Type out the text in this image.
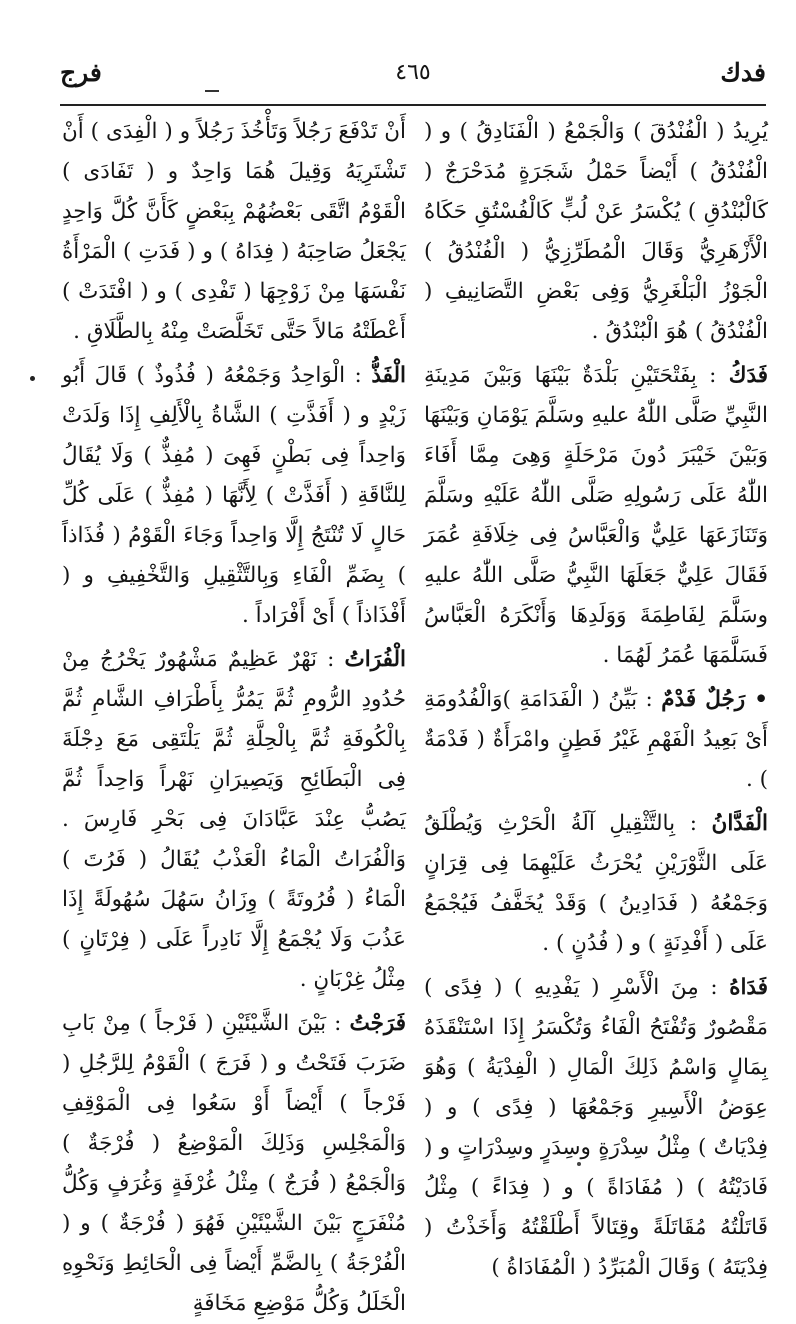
فدك
٤٦٥
فرج

يُرِيدُ ( الْفُنْدُقَ ) وَالْجَمْعُ ( الْفَنَادِقُ ) و ( الْفُنْدُقُ ) أَيْضاً حَمْلُ شَجَرَةٍ مُدَحْرَجٌ ( كَالْبُنْدُقِ ) يُكْسَرُ عَنْ لُبٍّ كَالْفُسْتُقِ حَكَاهُ الْأَزْهَرِيُّ وَقَالَ الْمُطَرِّزِيُّ ( الْفُنْدُقُ ) الْجَوْزُ الْبَلْغَرِيُّ وَفِى بَعْضِ التَّصَانِيفِ ( الْفُنْدُقُ ) هُوَ الْبُنْدُقُ .

فَدَكُ : بِفَتْحَتَيْنِ بَلْدَةٌ بَيْنَهَا وَبَيْنَ مَدِينَةِ النَّبِيِّ صَلَّى اللّٰهُ عليهِ وسَلَّمَ يَوْمَانِ وَبَيْنَهَا وَبَيْنَ خَيْبَرَ دُونَ مَرْحَلَةٍ وَهِىَ مِمَّا أَفَاءَ اللّٰهُ عَلَى رَسُولِهِ صَلَّى اللّٰهُ عَلَيْهِ وسَلَّمَ وَتَنَازَعَهَا عَلِيٌّ وَالْعَبَّاسُ فِى خِلَافَةِ عُمَرَ فَقَالَ عَلِيٌّ جَعَلَهَا النَّبِيُّ صَلَّى اللّٰهُ عليهِ وسَلَّمَ لِفَاطِمَةَ وَوَلَدِهَا وَأَنْكَرَهُ الْعَبَّاسُ فَسَلَّمَهَا عُمَرُ لَهُمَا .

• رَجُلٌ فَدْمٌ : بَيِّنُ ( الْفَدَامَةِ )وَالْفُدُومَةِ أَىْ بَعِيدُ الْفَهْمِ غَيْرُ فَطِنٍ وامْرَأَةٌ ( فَدْمَةٌ ) .

الْفَدَّانُ : بِالتَّثْقِيلِ آلَةُ الْحَرْثِ وَيُطْلَقُ عَلَى الثَّوْرَيْنِ يُحْرَثُ عَلَيْهِمَا فِى قِرَانٍ وَجَمْعُهُ ( فَدَادِينُ ) وَقَدْ يُخَفَّفُ فَيُجْمَعُ عَلَى ( أَفْدِنَةٍ ) و ( فُدُنٍ ) .

فَدَاهُ : مِنَ الْأَسْرِ ( يَفْدِيهِ ) ( فِدًى ) مَقْصُورٌ وَتُفْتَحُ الْفَاءُ وَتُكْسَرُ إِذَا اسْتَنْقَذَهُ بِمَالٍ وَاسْمُ ذَلِكَ الْمَالِ ( الْفِدْيَةُ ) وَهُوَ عِوَضُ الْأَسِيرِ وَجَمْعُهَا ( فِدًى ) و ( فِدْيَاتٌ ) مِثْلُ سِدْرَةٍ وسِدَرٍ وسِدْرَاتٍ و ( فَادَيْتُهُ ) ( مُفَادَاةً ) و ( فِدَاءً ) مِثْلُ قَاتَلْتُهُ مُقَاتَلَةً وقِتَالاً أَطْلَقْتُهُ وَأَخَذْتُ ( فِدْيَتَهُ ) وَقَالَ الْمُبَرِّدُ ( الْمُفَادَاةُ )

أَنْ تَدْفَعَ رَجُلاً وَتَأْخُذَ رَجُلاً و ( الْفِدَى ) أَنْ تَشْتَرِيَهُ وَقِيلَ هُمَا وَاحِدٌ و ( تَفَادَى ) الْقَوْمُ اتَّقَى بَعْضُهُمْ بِبَعْضٍ كَأَنَّ كُلَّ وَاحِدٍ يَجْعَلُ صَاحِبَهُ ( فِدَاهُ ) و ( فَدَتِ ) الْمَرْأَةُ نَفْسَهَا مِنْ زَوْجِهَا ( تَفْدِى ) و ( افْتَدَتْ ) أَعْطَتْهُ مَالاً حَتَّى تَخَلَّصَتْ مِنْهُ بِالطَّلَاقِ .

الْفَذُّ : الْوَاحِدُ وَجَمْعُهُ ( فُذُوذٌ ) قَالَ أَبُو زَيْدٍ و ( أَفَذَّتِ ) الشَّاةُ بِالْأَلِفِ إِذَا وَلَدَتْ وَاحِداً فِى بَطْنٍ فَهِىَ ( مُفِذٌّ ) وَلَا يُقَالُ لِلنَّاقَةِ ( أَفَذَّتْ ) لِأَنَّهَا ( مُفِذٌّ ) عَلَى كُلِّ حَالٍ لَا تُنْتَجُ إِلَّا وَاحِداً وَجَاءَ الْقَوْمُ ( فُذَاذاً ) بِضَمِّ الْفَاءِ وَبِالتَّثْقِيلِ وَالتَّخْفِيفِ و ( أَفْذَاذاً ) أَىْ أَفْرَاداً .

الْفُرَاتُ : نَهْرٌ عَظِيمٌ مَشْهُورٌ يَخْرُجُ مِنْ حُدُودِ الرُّومِ ثُمَّ يَمُرُّ بِأَطْرَافِ الشَّامِ ثُمَّ بِالْكُوفَةِ ثُمَّ بِالْحِلَّةِ ثُمَّ يَلْتَقِى مَعَ دِجْلَةَ فِى الْبَطَائِحِ وَيَصِيرَانِ نَهْراً وَاحِداً ثُمَّ يَصُبُّ عِنْدَ عَبَّادَانَ فِى بَحْرِ فَارِسَ . وَالْفُرَاتُ الْمَاءُ الْعَذْبُ يُقَالُ ( فَرُتَ ) الْمَاءُ ( فُرُوتَةً ) وِزَانُ سَهُلَ سُهُولَةً إِذَا عَذُبَ وَلَا يُجْمَعُ إِلَّا نَادِراً عَلَى ( فِرْتَانٍ ) مِثْلُ غِرْبَانٍ .

فَرَجْتُ : بَيْنَ الشَّيْئَيْنِ ( فَرْجاً ) مِنْ بَابِ ضَرَبَ فَتَحْتُ و ( فَرَجَ ) الْقَوْمُ لِلرَّجُلِ ( فَرْجاً ) أَيْضاً أَوْ سَعُوا فِى الْمَوْقِفِ وَالْمَجْلِسِ وَذَلِكَ الْمَوْضِعُ ( فُرْجَةٌ ) وَالْجَمْعُ ( فُرَجٌ ) مِثْلُ غُرْفَةٍ وَغُرَفٍ وَكُلُّ مُنْفَرَجٍ بَيْنَ الشَّيْئَيْنِ فَهُوَ ( فُرْجَةٌ ) و ( الْفُرْجَةُ ) بِالضَّمِّ أَيْضاً فِى الْحَائِطِ وَنَحْوِهِ الْخَلَلُ وَكُلُّ مَوْضِعِ مَخَافَةٍ
